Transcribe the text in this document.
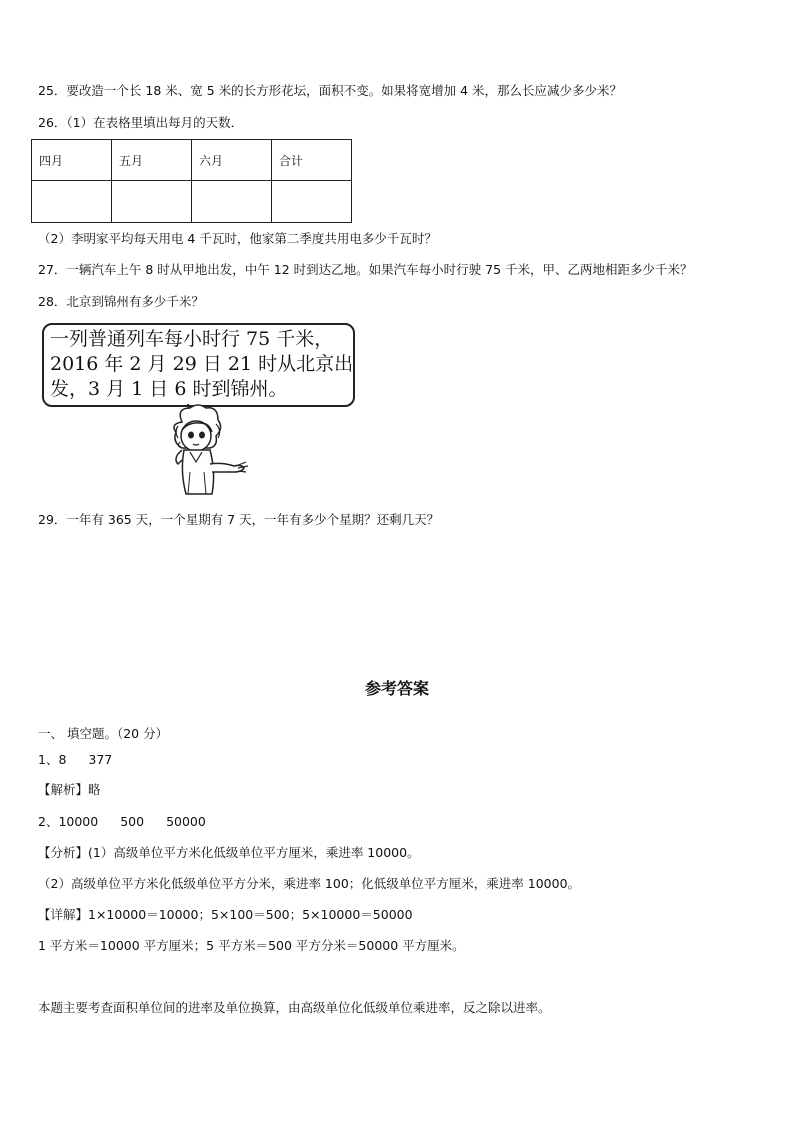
25．要改造一个长 18 米、宽 5 米的长方形花坛，面积不变。如果将宽增加 4 米，那么长应减少多少米？
26．（1）在表格里填出每月的天数．
四月	五月	六月	合计

（2）李明家平均每天用电 4 千瓦时，他家第二季度共用电多少千瓦时？
27．一辆汽车上午 8 时从甲地出发，中午 12 时到达乙地。如果汽车每小时行驶 75 千米，甲、乙两地相距多少千米？
28．北京到锦州有多少千米？
一列普通列车每小时行 75 千米，
2016 年 2 月 29 日 21 时从北京出
发，3 月 1 日 6 时到锦州。
29．一年有 365 天，一个星期有 7 天，一年有多少个星期？还剩几天？
参考答案
一、 填空题。（20 分）
1、8 377
【解析】略
2、10000 500 50000
【分析】(1）高级单位平方米化低级单位平方厘米，乘进率 10000。
（2）高级单位平方米化低级单位平方分米，乘进率 100；化低级单位平方厘米，乘进率 10000。
【详解】1×10000＝10000；5×100＝500；5×10000＝50000
1 平方米＝10000 平方厘米；5 平方米＝500 平方分米＝50000 平方厘米。
本题主要考查面积单位间的进率及单位换算，由高级单位化低级单位乘进率，反之除以进率。
